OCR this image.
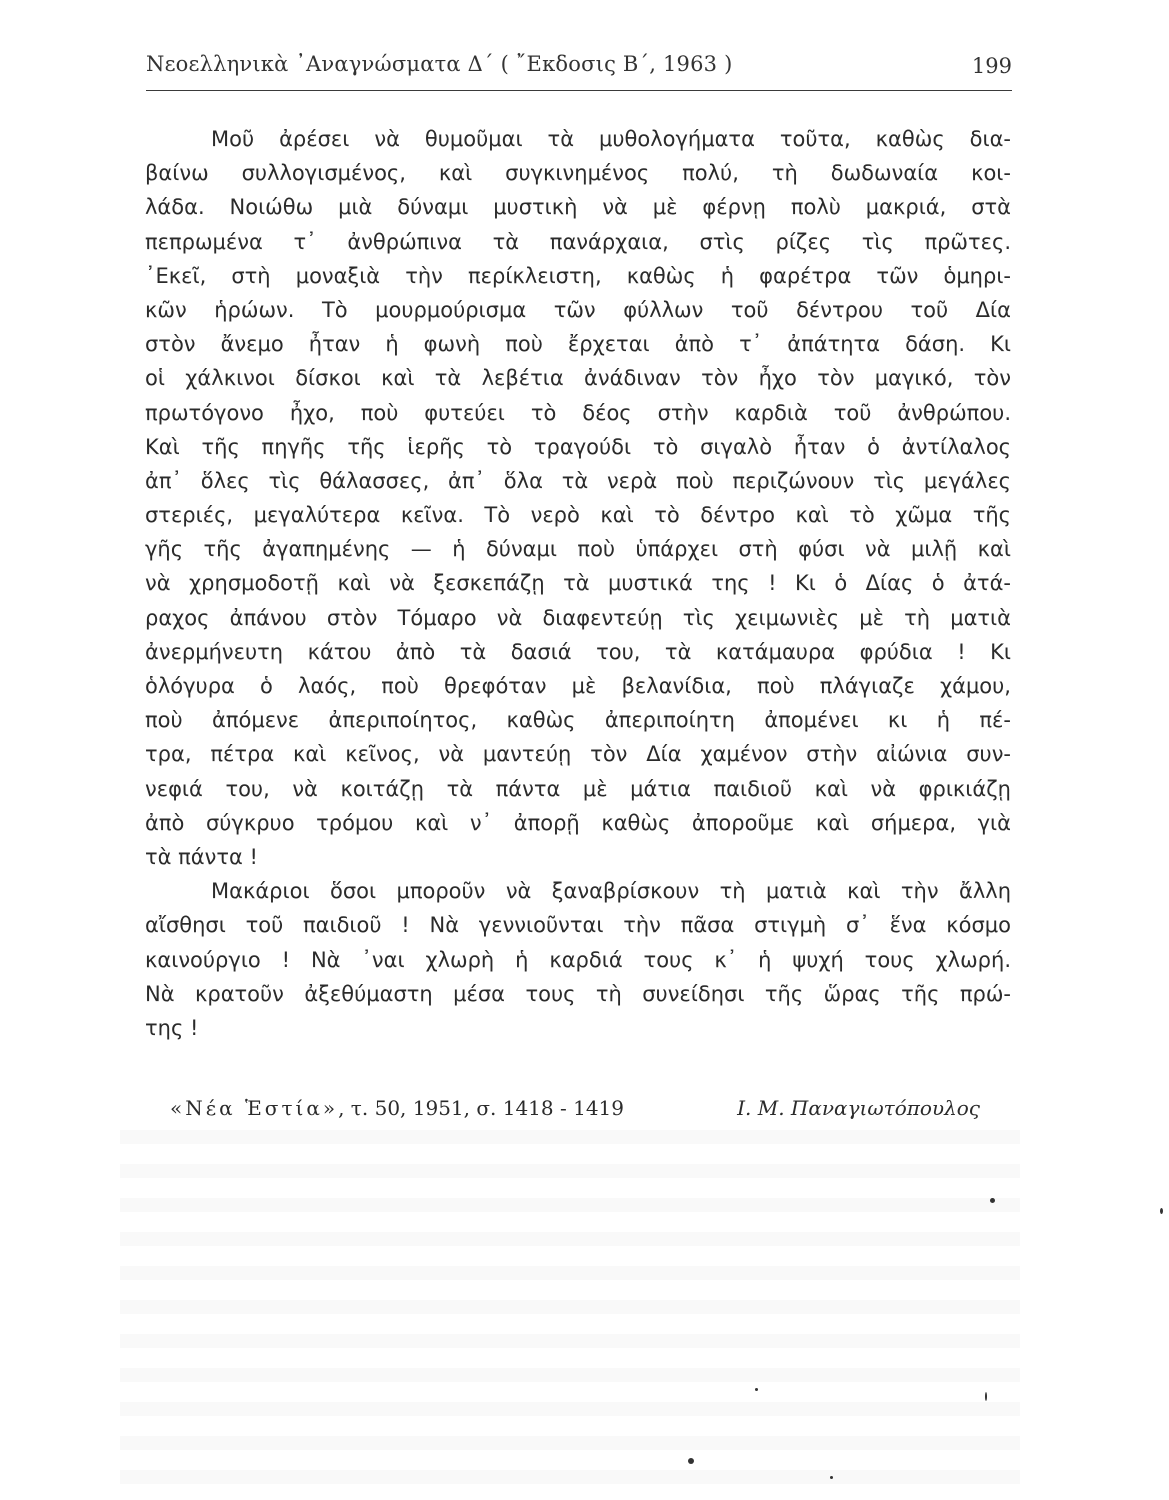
Νεοελληνικὰ ᾽Αναγνώσματα Δ΄ ( ῎Εκδοσις Β΄, 1963 )	199
Μοῦ ἀρέσει νὰ θυμοῦμαι τὰ μυθολογήματα τοῦτα, καθὼς δια-
βαίνω συλλογισμένος, καὶ συγκινημένος πολύ, τὴ δωδωναία κοι-
λάδα. Νοιώθω μιὰ δύναμι μυστικὴ νὰ μὲ φέρνῃ πολὺ μακριά, στὰ
πεπρωμένα τ᾽ ἀνθρώπινα τὰ πανάρχαια, στὶς ρίζες τὶς πρῶτες.
᾽Εκεῖ, στὴ μοναξιὰ τὴν περίκλειστη, καθὼς ἡ φαρέτρα τῶν ὁμηρι-
κῶν ἡρώων. Τὸ μουρμούρισμα τῶν φύλλων τοῦ δέντρου τοῦ Δία
στὸν ἄνεμο ἦταν ἡ φωνὴ ποὺ ἔρχεται ἀπὸ τ᾽ ἀπάτητα δάση. Κι
οἱ χάλκινοι δίσκοι καὶ τὰ λεβέτια ἀνάδιναν τὸν ἦχο τὸν μαγικό, τὸν
πρωτόγονο ἦχο, ποὺ φυτεύει τὸ δέος στὴν καρδιὰ τοῦ ἀνθρώπου.
Καὶ τῆς πηγῆς τῆς ἱερῆς τὸ τραγούδι τὸ σιγαλὸ ἦταν ὁ ἀντίλαλος
ἀπ᾽ ὅλες τὶς θάλασσες, ἀπ᾽ ὅλα τὰ νερὰ ποὺ περιζώνουν τὶς μεγάλες
στεριές, μεγαλύτερα κεῖνα. Τὸ νερὸ καὶ τὸ δέντρο καὶ τὸ χῶμα τῆς
γῆς τῆς ἀγαπημένης — ἡ δύναμι ποὺ ὑπάρχει στὴ φύσι νὰ μιλῇ καὶ
νὰ χρησμοδοτῇ καὶ νὰ ξεσκεπάζῃ τὰ μυστικά της ! Κι ὁ Δίας ὁ ἀτά-
ραχος ἀπάνου στὸν Τόμαρο νὰ διαφεντεύῃ τὶς χειμωνιὲς μὲ τὴ ματιὰ
ἀνερμήνευτη κάτου ἀπὸ τὰ δασιά του, τὰ κατάμαυρα φρύδια ! Κι
ὁλόγυρα ὁ λαός, ποὺ θρεφόταν μὲ βελανίδια, ποὺ πλάγιαζε χάμου,
ποὺ ἀπόμενε ἀπεριποίητος, καθὼς ἀπεριποίητη ἀπομένει κι ἡ πέ-
τρα, πέτρα καὶ κεῖνος, νὰ μαντεύῃ τὸν Δία χαμένον στὴν αἰώνια συν-
νεφιά του, νὰ κοιτάζῃ τὰ πάντα μὲ μάτια παιδιοῦ καὶ νὰ φρικιάζῃ
ἀπὸ σύγκρυο τρόμου καὶ ν᾽ ἀπορῇ καθὼς ἀποροῦμε καὶ σήμερα, γιὰ
τὰ πάντα !
Μακάριοι ὅσοι μποροῦν νὰ ξαναβρίσκουν τὴ ματιὰ καὶ τὴν ἄλλη
αἴσθησι τοῦ παιδιοῦ ! Νὰ γεννιοῦνται τὴν πᾶσα στιγμὴ σ᾽ ἕνα κόσμο
καινούργιο ! Νὰ ᾽ναι χλωρὴ ἡ καρδιά τους κ᾽ ἡ ψυχή τους χλωρή.
Νὰ κρατοῦν ἀξεθύμαστη μέσα τους τὴ συνείδησι τῆς ὥρας τῆς πρώ-
της !
«Νέα Ἑστία», τ. 50, 1951, σ. 1418 - 1419	Ι. Μ. Παναγιωτόπουλος
